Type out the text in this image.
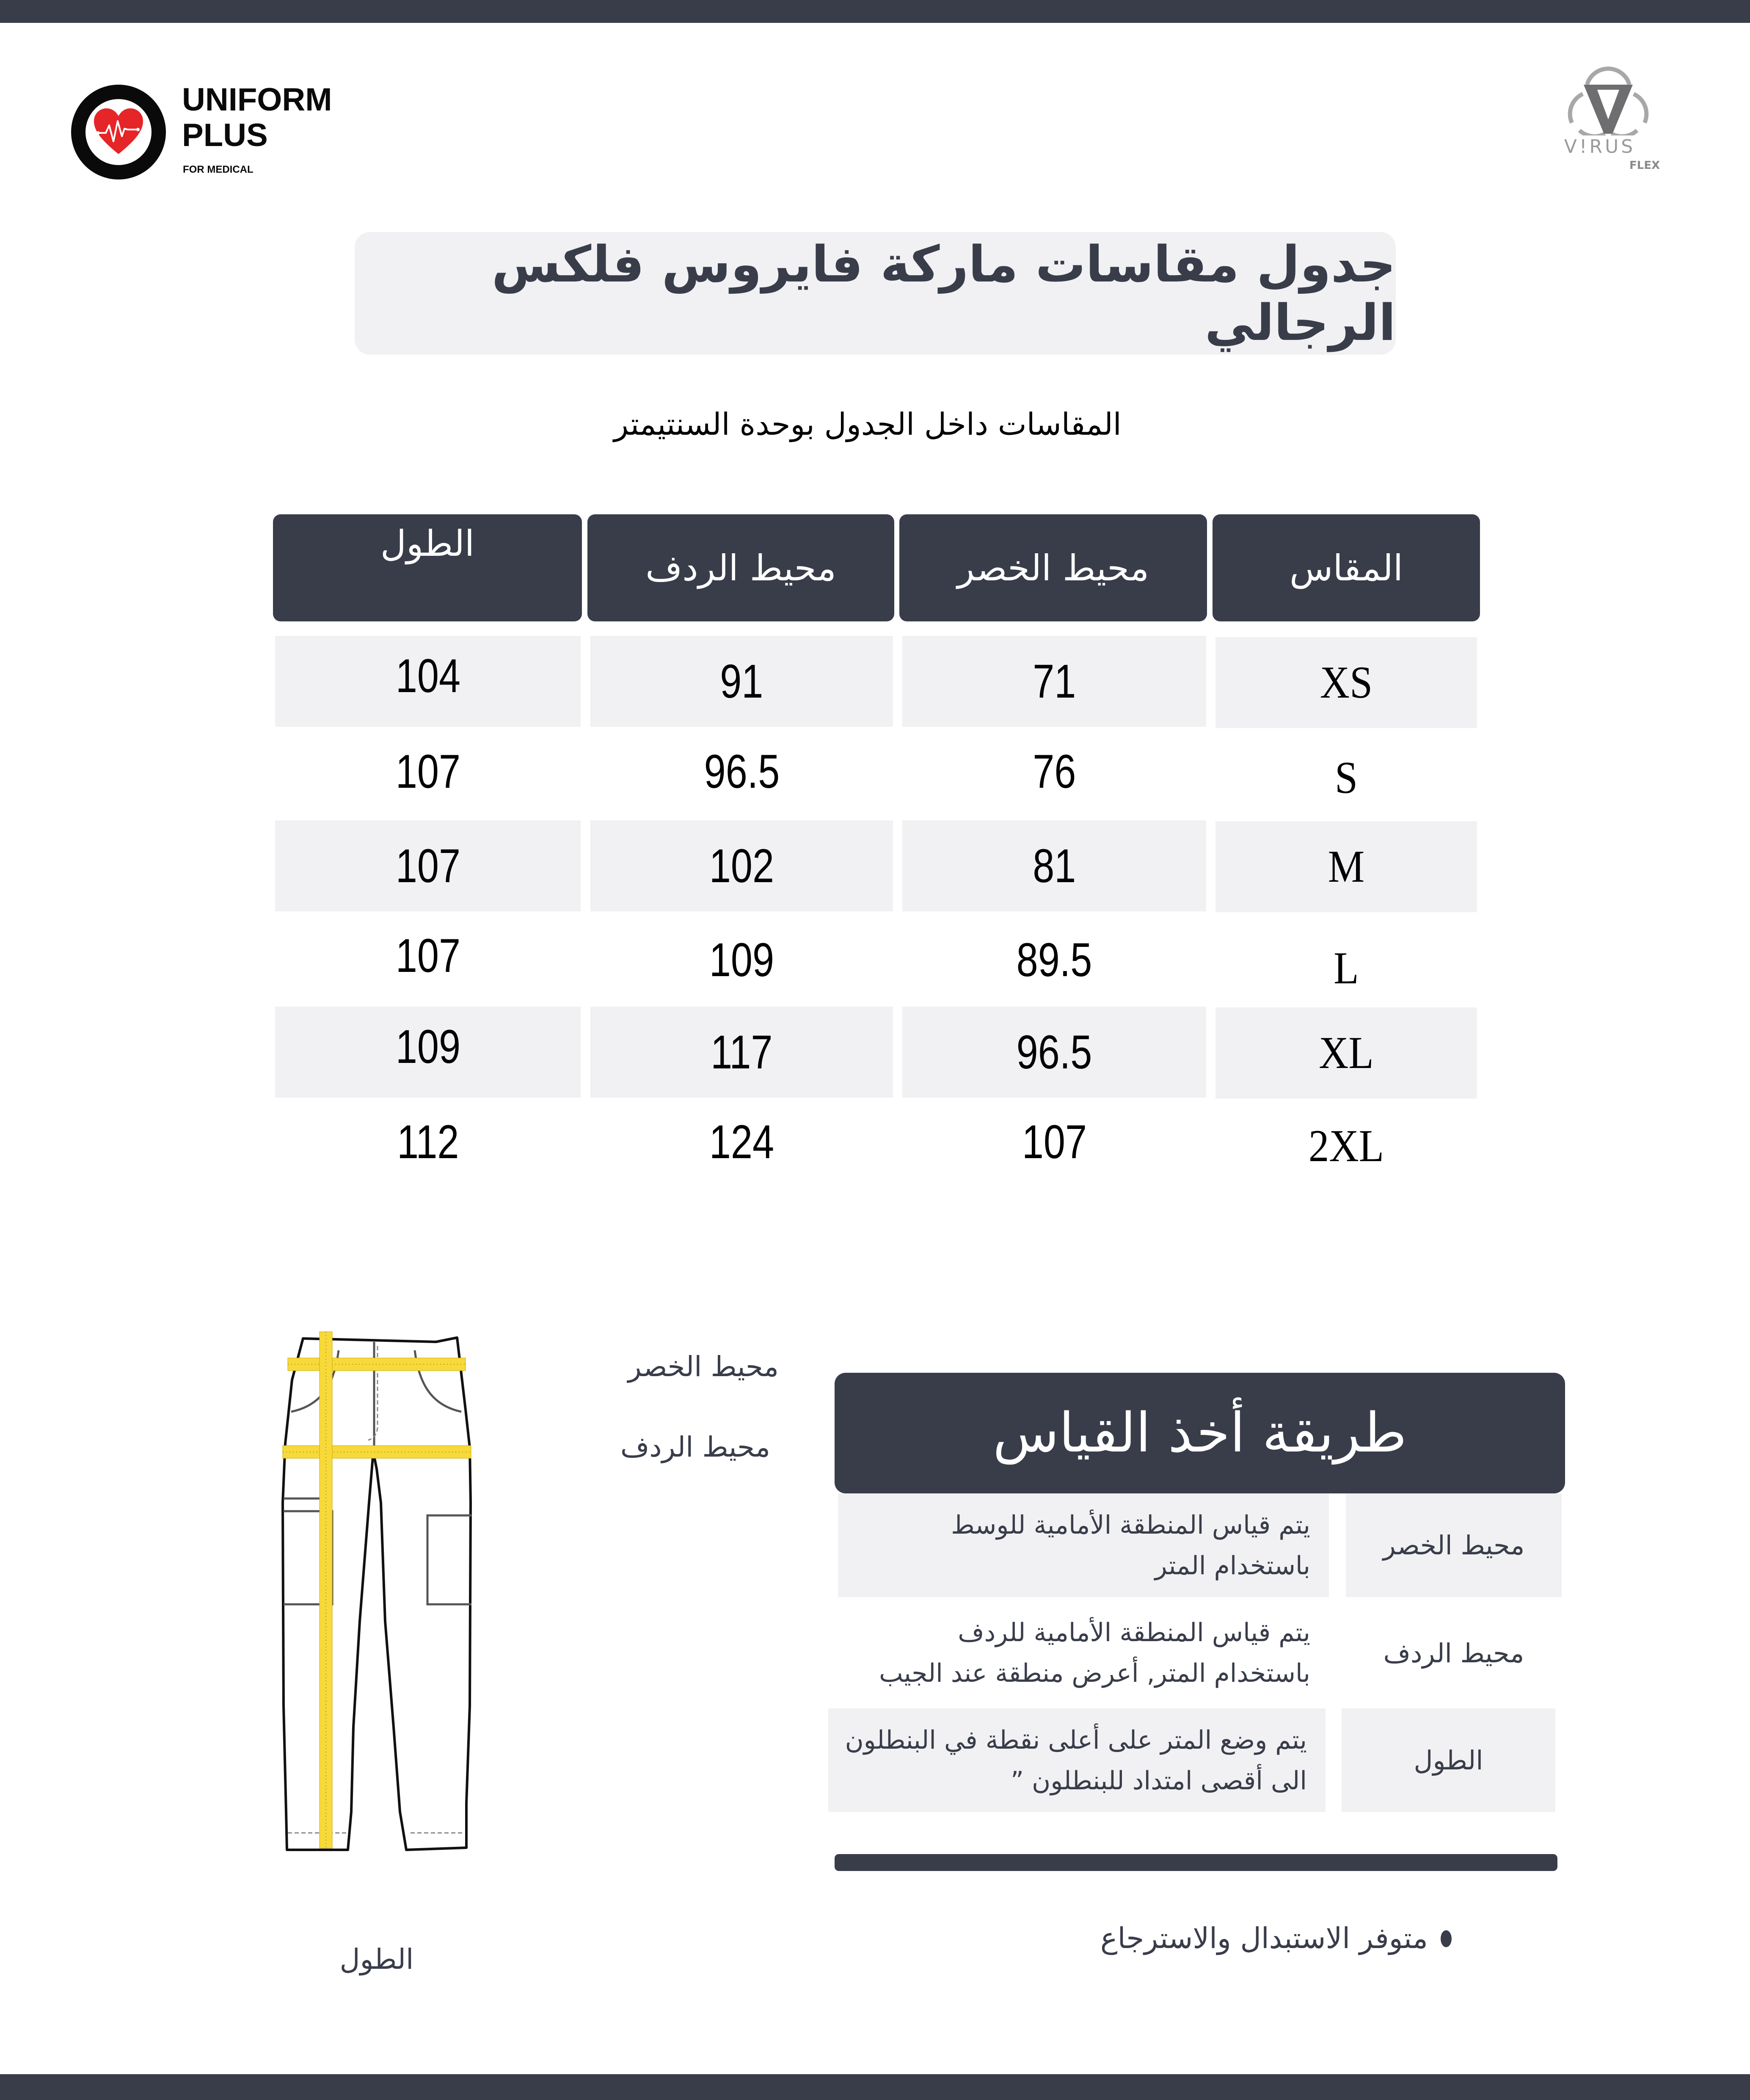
UNIFORM
PLUS
FOR MEDICAL
V!RUS
FLEX
جدول مقاسات ماركة فايروس فلكس الرجالي
المقاسات داخل الجدول بوحدة السنتيمتر
المقاس
محيط الخصر
محيط الردف
الطول
XS
71
91
104
S
76
96.5
107
M
81
102
107
L
89.5
109
107
XL
96.5
117
109
2XL
107
124
112
محيط الخصر
محيط الردف
الطول
طريقة أخذ القياس
يتم قياس المنطقة الأمامية للوسط
باستخدام المتر
محيط الخصر
يتم قياس المنطقة الأمامية للردف
باستخدام المتر, أعرض منطقة عند الجيب
محيط الردف
يتم وضع المتر على أعلى نقطة في البنطلون
الى أقصى امتداد للبنطلون ”
الطول
متوفر الاستبدال والاسترجاع
